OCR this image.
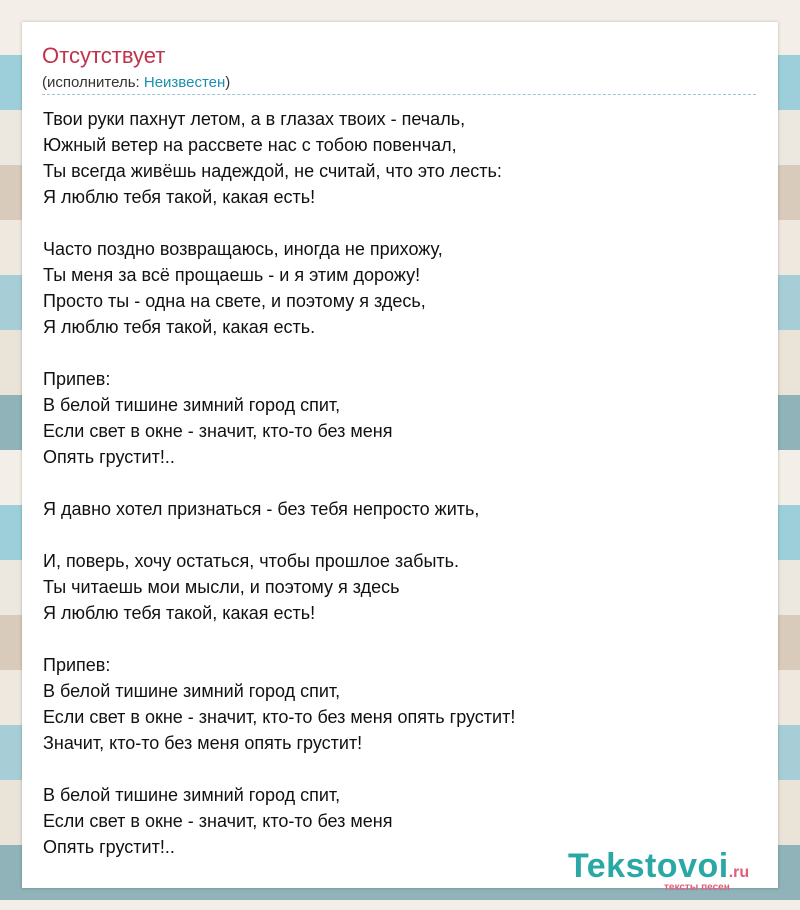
Отсутствует
(исполнитель: Неизвестен)
Твои руки пахнут летом, а в глазах твоих - печаль,
Южный ветер на рассвете нас с тобою повенчал,
Ты всегда живёшь надеждой, не считай, что это лесть:
Я люблю тебя такой, какая есть!
Часто поздно возвращаюсь, иногда не прихожу,
Ты меня за всё прощаешь - и я этим дорожу!
Просто ты - одна на свете, и поэтому я здесь,
Я люблю тебя такой, какая есть.
Припев:
В белой тишине зимний город спит,
Если свет в окне - значит, кто-то без меня
Опять грустит!..
Я давно хотел признаться - без тебя непросто жить,
И, поверь, хочу остаться, чтобы прошлое забыть.
Ты читаешь мои мысли, и поэтому я здесь
Я люблю тебя такой, какая есть!
Припев:
В белой тишине зимний город спит,
Если свет в окне - значит, кто-то без меня опять грустит!
Значит, кто-то без меня опять грустит!
В белой тишине зимний город спит,
Если свет в окне - значит, кто-то без меня
Опять грустит!..	Tekstovoi.ru
тексты песен
